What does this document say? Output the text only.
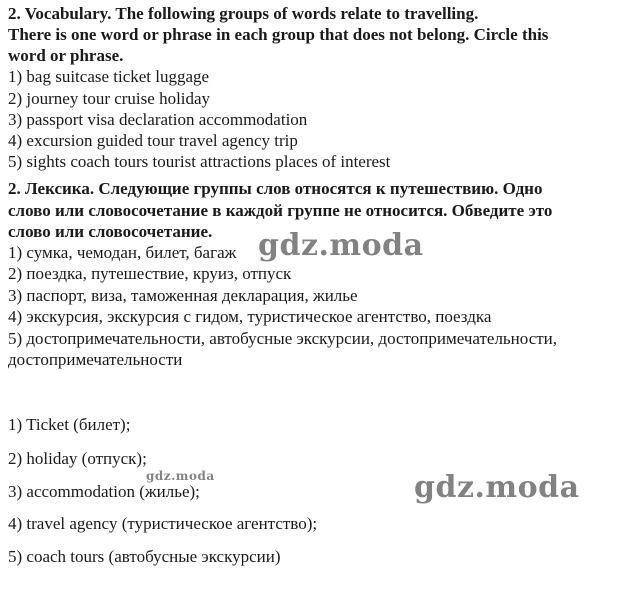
2. Vocabulary. The following groups of words relate to travelling.
There is one word or phrase in each group that does not belong. Circle this
word or phrase.
1) bag suitcase ticket luggage
2) journey tour cruise holiday
3) passport visa declaration accommodation
4) excursion guided tour travel agency trip
5) sights coach tours tourist attractions places of interest
2. Лексика. Следующие группы слов относятся к путешествию. Одно
слово или словосочетание в каждой группе не относится. Обведите это
слово или словосочетание.
1) сумка, чемодан, билет, багаж
2) поездка, путешествие, круиз, отпуск
3) паспорт, виза, таможенная декларация, жилье
4) экскурсия, экскурсия с гидом, туристическое агентство, поездка
5) достопримечательности, автобусные экскурсии, достопримечательности,
достопримечательности
1) Ticket (билет);
2) holiday (отпуск);
3) accommodation (жилье);
4) travel agency (туристическое агентство);
5) coach tours (автобусные экскурсии)
gdz.moda
gdz.moda	gdz.moda
